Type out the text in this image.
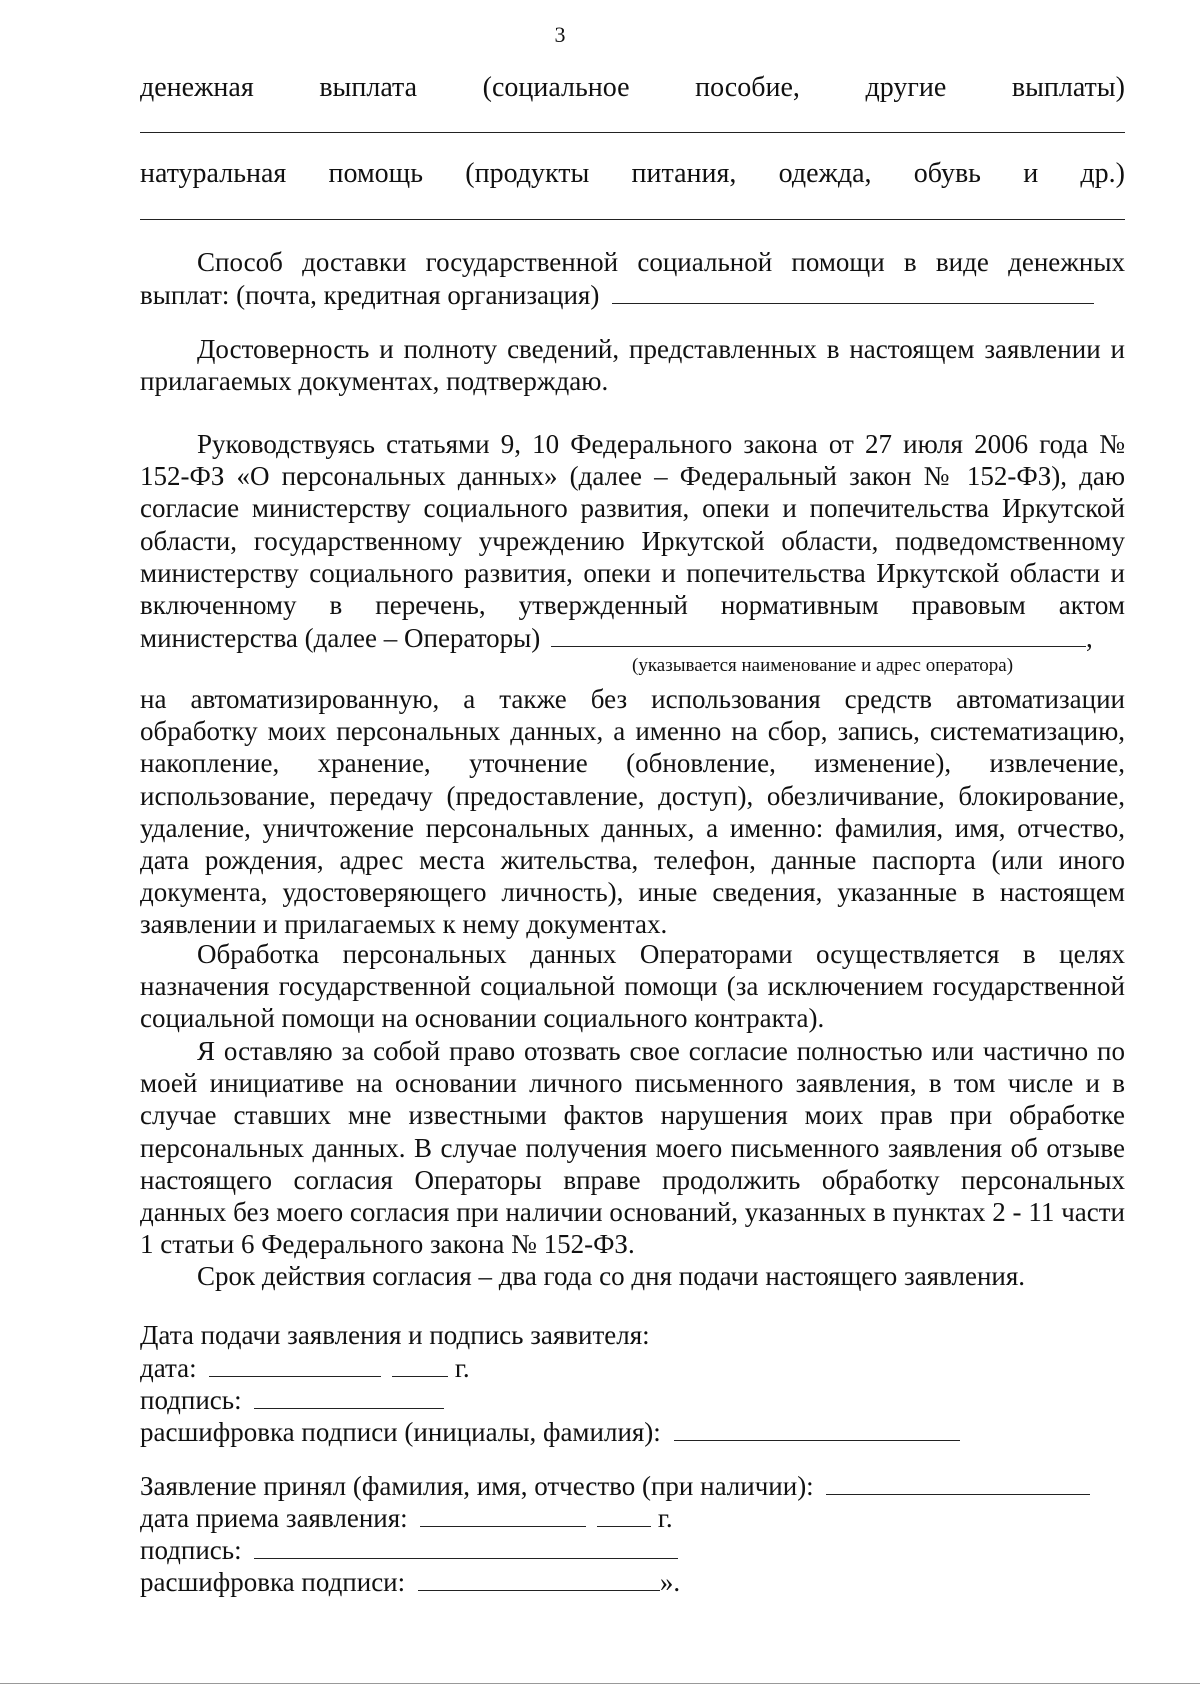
3
денежная выплата (социальное пособие, другие выплаты)
натуральная помощь (продукты питания, одежда, обувь и др.)
Способ доставки государственной социальной помощи в виде денежных
выплат: (почта, кредитная организация)
Достоверность и полноту сведений, представленных в настоящем заявлении и прилагаемых документах, подтверждаю.
Руководствуясь статьями 9, 10 Федерального закона от 27 июля 2006 года № 152-ФЗ «О персональных данных» (далее – Федеральный закон № 152-ФЗ), даю согласие министерству социального развития, опеки и попечительства Иркутской области, государственному учреждению Иркутской области, подведомственному министерству социального развития, опеки и попечительства Иркутской области и включенному в перечень, утвержденный нормативным правовым актом министерства (далее – Операторы)	,
(указывается наименование и адрес оператора)
на автоматизированную, а также без использования средств автоматизации обработку моих персональных данных, а именно на сбор, запись, систематизацию, накопление, хранение, уточнение (обновление, изменение), извлечение, использование, передачу (предоставление, доступ), обезличивание, блокирование, удаление, уничтожение персональных данных, а именно: фамилия, имя, отчество, дата рождения, адрес места жительства, телефон, данные паспорта (или иного документа, удостоверяющего личность), иные сведения, указанные в настоящем заявлении и прилагаемых к нему документах.
Обработка персональных данных Операторами осуществляется в целях назначения государственной социальной помощи (за исключением государственной социальной помощи на основании социального контракта).
Я оставляю за собой право отозвать свое согласие полностью или частично по моей инициативе на основании личного письменного заявления, в том числе и в случае ставших мне известными фактов нарушения моих прав при обработке персональных данных. В случае получения моего письменного заявления об отзыве настоящего согласия Операторы вправе продолжить обработку персональных данных без моего согласия при наличии оснований, указанных в пунктах 2 - 11 части 1 статьи 6 Федерального закона № 152-ФЗ.
Срок действия согласия – два года со дня подачи настоящего заявления.
Дата подачи заявления и подпись заявителя:
дата:	г.
подпись:
расшифровка подписи (инициалы, фамилия):
Заявление принял (фамилия, имя, отчество (при наличии):
дата приема заявления:	г.
подпись:
расшифровка подписи:	».
